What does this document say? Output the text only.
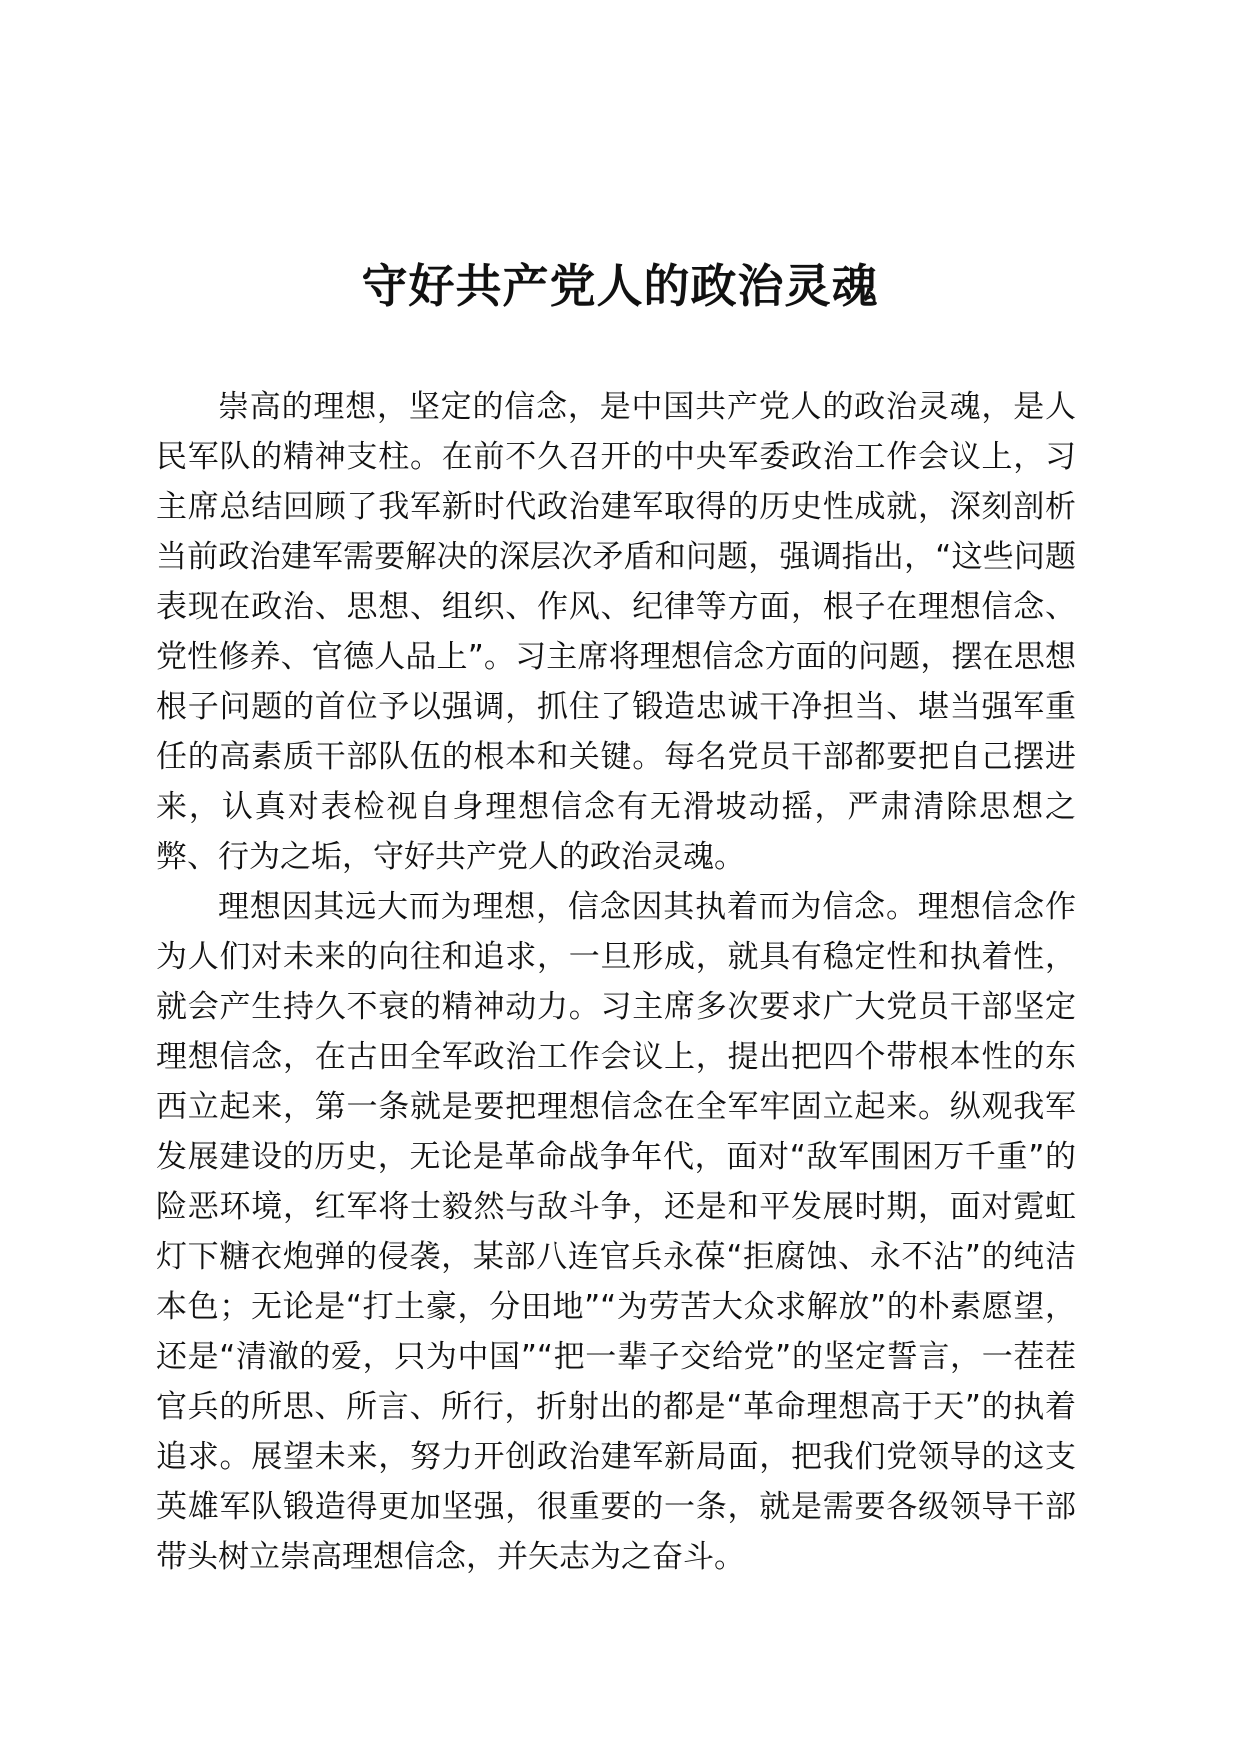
守好共产党人的政治灵魂

崇高的理想，坚定的信念，是中国共产党人的政治灵魂，是人民军队的精神支柱。在前不久召开的中央军委政治工作会议上，习主席总结回顾了我军新时代政治建军取得的历史性成就，深刻剖析当前政治建军需要解决的深层次矛盾和问题，强调指出，“这些问题表现在政治、思想、组织、作风、纪律等方面，根子在理想信念、党性修养、官德人品上”。习主席将理想信念方面的问题，摆在思想根子问题的首位予以强调，抓住了锻造忠诚干净担当、堪当强军重任的高素质干部队伍的根本和关键。每名党员干部都要把自己摆进来，认真对表检视自身理想信念有无滑坡动摇，严肃清除思想之弊、行为之垢，守好共产党人的政治灵魂。

理想因其远大而为理想，信念因其执着而为信念。理想信念作为人们对未来的向往和追求，一旦形成，就具有稳定性和执着性，就会产生持久不衰的精神动力。习主席多次要求广大党员干部坚定理想信念，在古田全军政治工作会议上，提出把四个带根本性的东西立起来，第一条就是要把理想信念在全军牢固立起来。纵观我军发展建设的历史，无论是革命战争年代，面对“敌军围困万千重”的险恶环境，红军将士毅然与敌斗争，还是和平发展时期，面对霓虹灯下糖衣炮弹的侵袭，某部八连官兵永葆“拒腐蚀、永不沾”的纯洁本色；无论是“打土豪，分田地”“为劳苦大众求解放”的朴素愿望，还是“清澈的爱，只为中国”“把一辈子交给党”的坚定誓言，一茬茬官兵的所思、所言、所行，折射出的都是“革命理想高于天”的执着追求。展望未来，努力开创政治建军新局面，把我们党领导的这支英雄军队锻造得更加坚强，很重要的一条，就是需要各级领导干部带头树立崇高理想信念，并矢志为之奋斗。
